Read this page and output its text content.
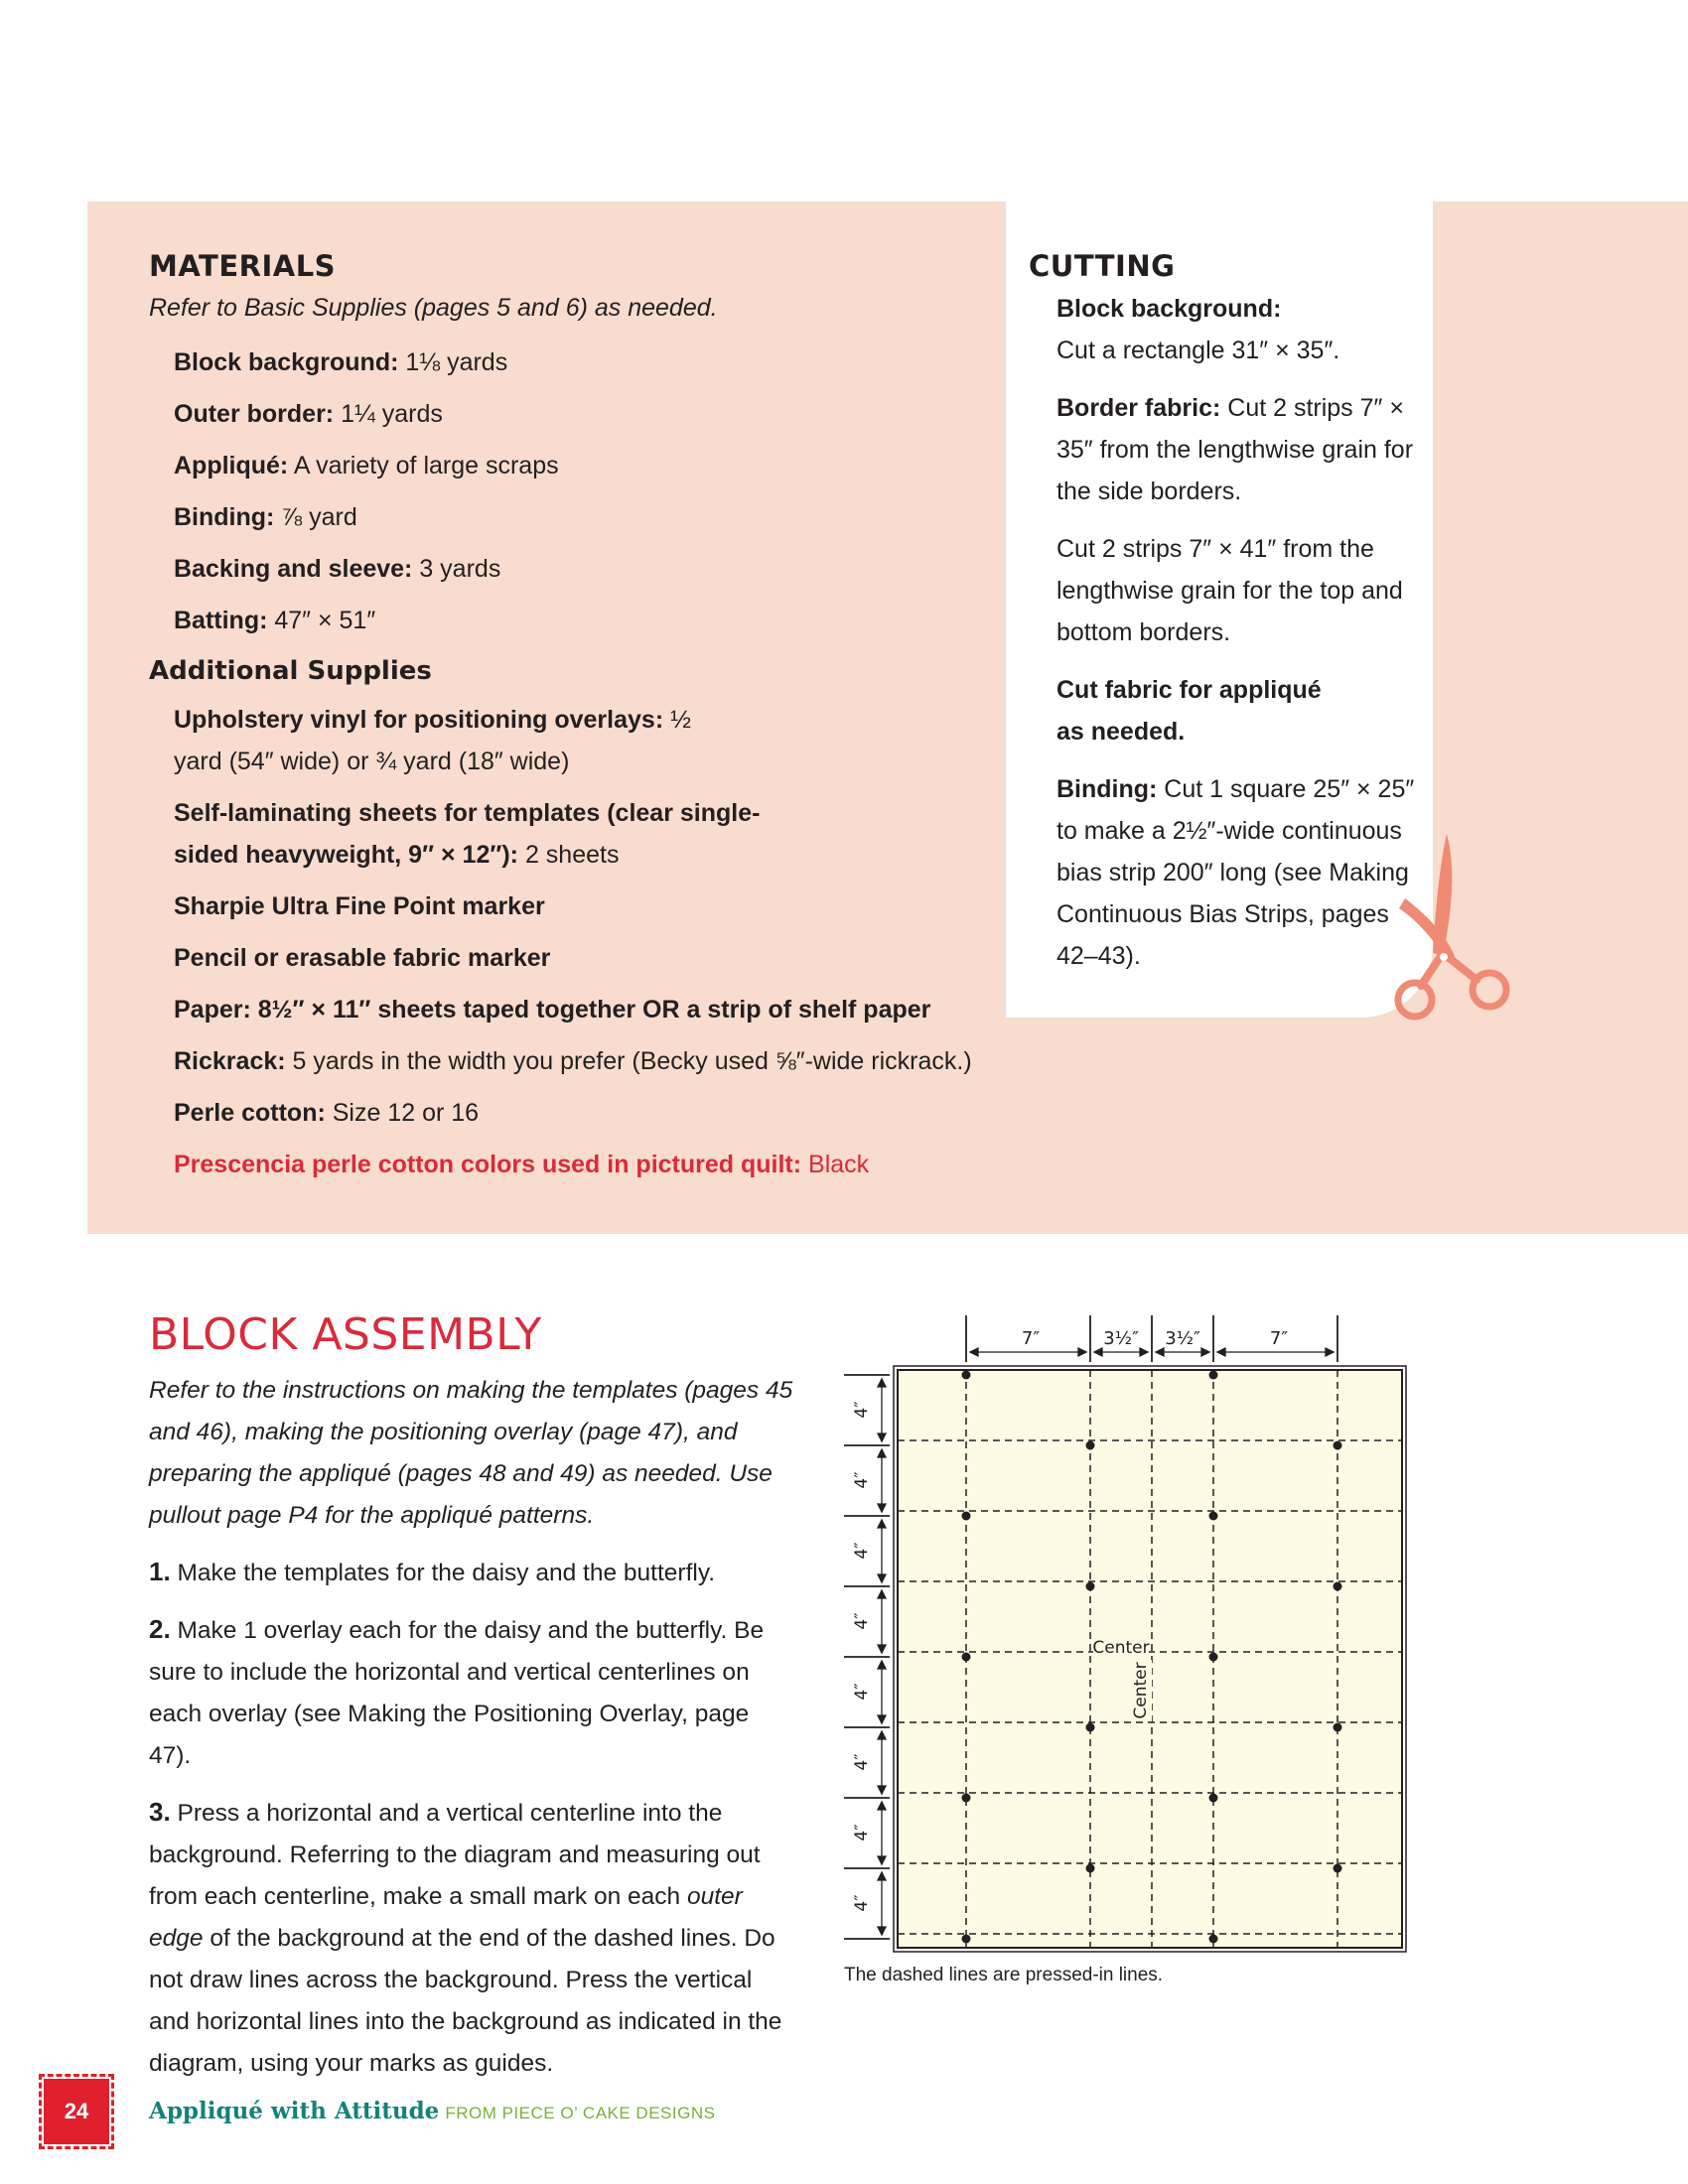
MATERIALS
Refer to Basic Supplies (pages 5 and 6) as needed.
Block background: 1⅛ yards
Outer border: 1¼ yards
Appliqué: A variety of large scraps
Binding: ⅞ yard
Backing and sleeve: 3 yards
Batting: 47″ × 51″
Additional Supplies
Upholstery vinyl for positioning overlays: ½ yard (54″ wide) or ¾ yard (18″ wide)
Self-laminating sheets for templates (clear single-sided heavyweight, 9″ × 12″): 2 sheets
Sharpie Ultra Fine Point marker
Pencil or erasable fabric marker
Paper: 8½″ × 11″ sheets taped together OR a strip of shelf paper
Rickrack: 5 yards in the width you prefer (Becky used ⅝″-wide rickrack.)
Perle cotton: Size 12 or 16
Prescencia perle cotton colors used in pictured quilt: Black
CUTTING
Block background:
Cut a rectangle 31″ × 35″.
Border fabric: Cut 2 strips 7″ × 35″ from the lengthwise grain for the side borders.
Cut 2 strips 7″ × 41″ from the lengthwise grain for the top and bottom borders.
Cut fabric for appliqué as needed.
Binding: Cut 1 square 25″ × 25″ to make a 2½″-wide continuous bias strip 200″ long (see Making Continuous Bias Strips, pages 42–43).
BLOCK ASSEMBLY
Refer to the instructions on making the templates (pages 45 and 46), making the positioning overlay (page 47), and preparing the appliqué (pages 48 and 49) as needed. Use pullout page P4 for the appliqué patterns.
1. Make the templates for the daisy and the butterfly.
2. Make 1 overlay each for the daisy and the butterfly. Be sure to include the horizontal and vertical centerlines on each overlay (see Making the Positioning Overlay, page 47).
3. Press a horizontal and a vertical centerline into the background. Referring to the diagram and measuring out from each centerline, make a small mark on each outer edge of the background at the end of the dashed lines. Do not draw lines across the background. Press the vertical and horizontal lines into the background as indicated in the diagram, using your marks as guides.
7″	3½″ 3½″	7″
4″
4″
4″
4″
4″
4″
4″
4″
Center
Center
The dashed lines are pressed-in lines.
24	Appliqué with Attitude FROM PIECE O’ CAKE DESIGNS
